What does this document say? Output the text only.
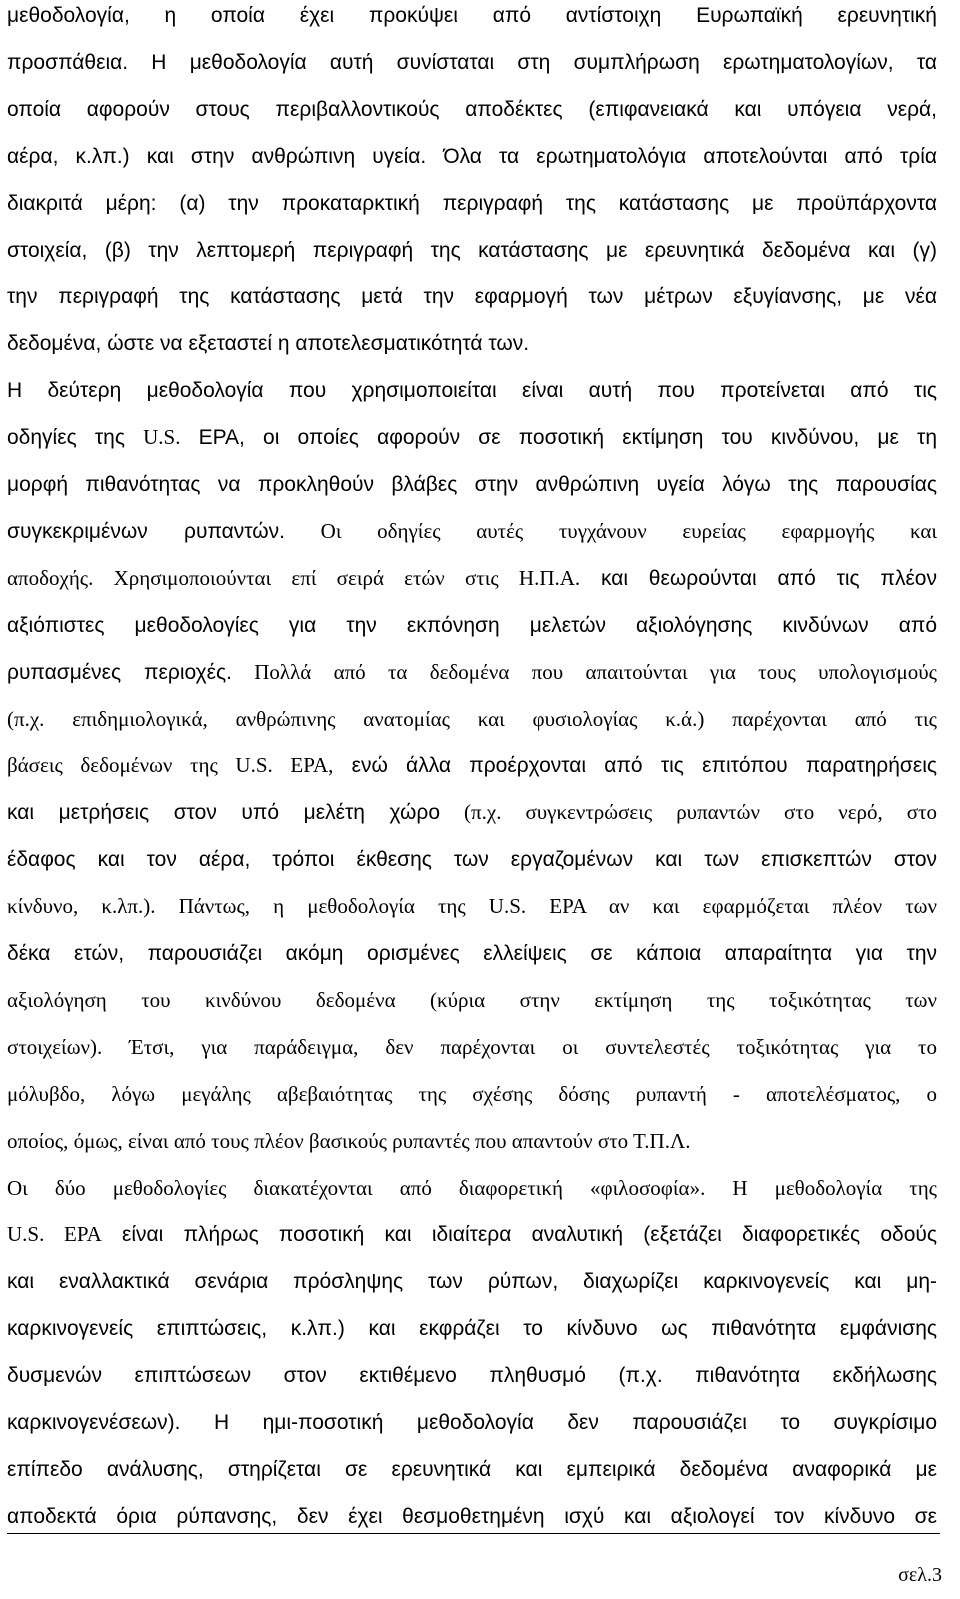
μεθοδολογία, η οποία έχει προκύψει από αντίστοιχη Ευρωπαϊκή ερευνητική
προσπάθεια. Η μεθοδολογία αυτή συνίσταται στη συμπλήρωση ερωτηματολογίων, τα
οποία αφορούν στους περιβαλλοντικούς αποδέκτες (επιφανειακά και υπόγεια νερά,
αέρα, κ.λπ.) και στην ανθρώπινη υγεία. Όλα τα ερωτηματολόγια αποτελούνται από τρία
διακριτά μέρη: (α) την προκαταρκτική περιγραφή της κατάστασης με προϋπάρχοντα
στοιχεία, (β) την λεπτομερή περιγραφή της κατάστασης με ερευνητικά δεδομένα και (γ)
την περιγραφή της κατάστασης μετά την εφαρμογή των μέτρων εξυγίανσης, με νέα
δεδομένα, ώστε να εξεταστεί η αποτελεσματικότητά των.
Η δεύτερη μεθοδολογία που χρησιμοποιείται είναι αυτή που προτείνεται από τις
οδηγίες της U.S. EPA, οι οποίες αφορούν σε ποσοτική εκτίμηση του κινδύνου, με τη
μορφή πιθανότητας να προκληθούν βλάβες στην ανθρώπινη υγεία λόγω της παρουσίας
συγκεκριμένων ρυπαντών. Οι οδηγίες αυτές τυγχάνουν ευρείας εφαρμογής και
αποδοχής. Χρησιμοποιούνται επί σειρά ετών στις Η.Π.Α. και θεωρούνται από τις πλέον
αξιόπιστες μεθοδολογίες για την εκπόνηση μελετών αξιολόγησης κινδύνων από
ρυπασμένες περιοχές. Πολλά από τα δεδομένα που απαιτούνται για τους υπολογισμούς
(π.χ. επιδημιολογικά, ανθρώπινης ανατομίας και φυσιολογίας κ.ά.) παρέχονται από τις
βάσεις δεδομένων της U.S. EPA, ενώ άλλα προέρχονται από τις επιτόπου παρατηρήσεις
και μετρήσεις στον υπό μελέτη χώρο (π.χ. συγκεντρώσεις ρυπαντών στο νερό, στο
έδαφος και τον αέρα, τρόποι έκθεσης των εργαζομένων και των επισκεπτών στον
κίνδυνο, κ.λπ.). Πάντως, η μεθοδολογία της U.S. EPA αν και εφαρμόζεται πλέον των
δέκα ετών, παρουσιάζει ακόμη ορισμένες ελλείψεις σε κάποια απαραίτητα για την
αξιολόγηση του κινδύνου δεδομένα (κύρια στην εκτίμηση της τοξικότητας των
στοιχείων). Έτσι, για παράδειγμα, δεν παρέχονται οι συντελεστές τοξικότητας για το
μόλυβδο, λόγω μεγάλης αβεβαιότητας της σχέσης δόσης ρυπαντή - αποτελέσματος, ο
οποίος, όμως, είναι από τους πλέον βασικούς ρυπαντές που απαντούν στο Τ.Π.Λ.
Οι δύο μεθοδολογίες διακατέχονται από διαφορετική «φιλοσοφία». Η μεθοδολογία της
U.S. EPA είναι πλήρως ποσοτική και ιδιαίτερα αναλυτική (εξετάζει διαφορετικές οδούς
και εναλλακτικά σενάρια πρόσληψης των ρύπων, διαχωρίζει καρκινογενείς και μη-
καρκινογενείς επιπτώσεις, κ.λπ.) και εκφράζει το κίνδυνο ως πιθανότητα εμφάνισης
δυσμενών επιπτώσεων στον εκτιθέμενο πληθυσμό (π.χ. πιθανότητα εκδήλωσης
καρκινογενέσεων). Η ημι-ποσοτική μεθοδολογία δεν παρουσιάζει το συγκρίσιμο
επίπεδο ανάλυσης, στηρίζεται σε ερευνητικά και εμπειρικά δεδομένα αναφορικά με
αποδεκτά όρια ρύπανσης, δεν έχει θεσμοθετημένη ισχύ και αξιολογεί τον κίνδυνο σε
σελ.3
